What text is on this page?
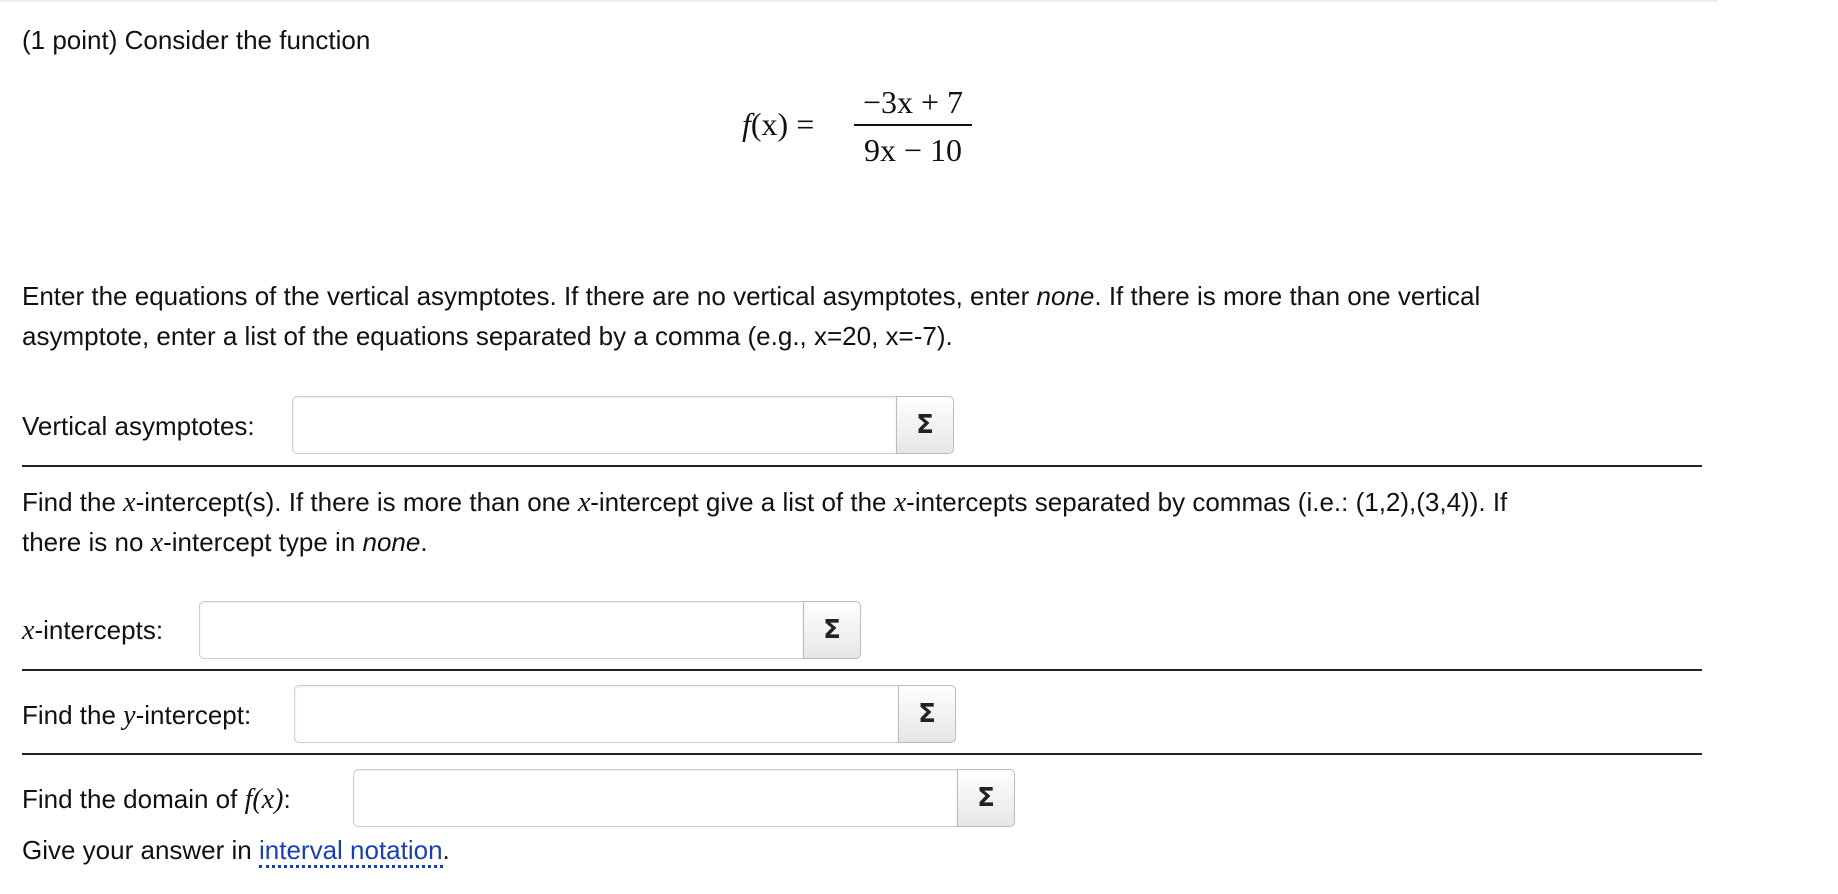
(1 point) Consider the function
f(x) =
−3x + 7
9x − 10
Enter the equations of the vertical asymptotes. If there are no vertical asymptotes, enter none. If there is more than one vertical
asymptote, enter a list of the equations separated by a comma (e.g., x=20, x=-7).
Vertical asymptotes:	Σ
Find the x-intercept(s). If there is more than one x-intercept give a list of the x-intercepts separated by commas (i.e.: (1,2),(3,4)). If
there is no x-intercept type in none.
x-intercepts:	Σ
Find the y-intercept:	Σ
Find the domain of f(x):	Σ
Give your answer in interval notation.
